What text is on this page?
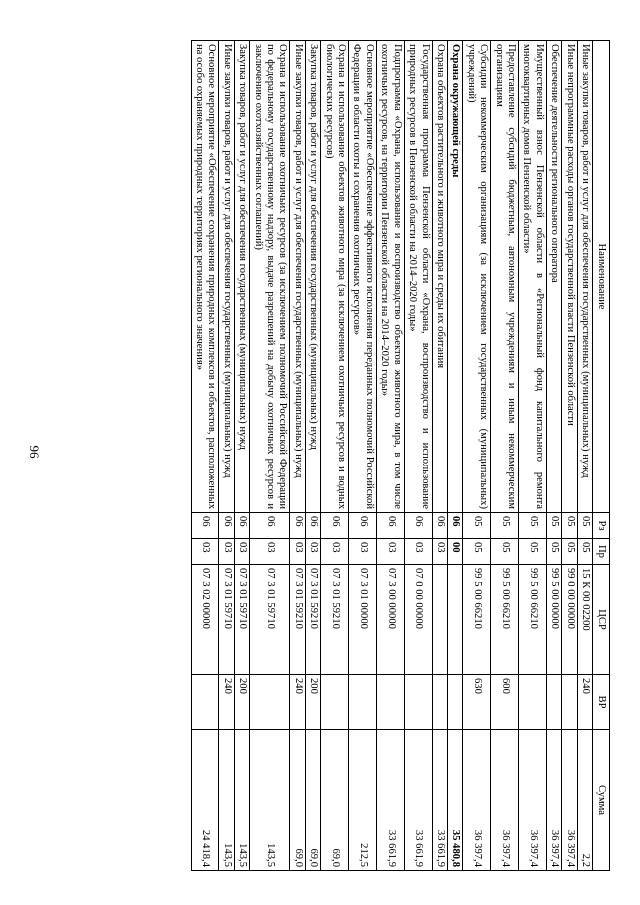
96
Наименование	Рз	Пр	ЦСР	ВР	Сумма
Иные закупки товаров, работ и услуг для обеспечения государственных (муниципальных) нужд	05	05	15 К 00 02200	240	2,2
Иные непрограммные расходы органов государственной власти Пензенской области	05	05	99 0 00 00000		36 397,4
Обеспечение деятельности регионального оператора	05	05	99 5 00 00000		36 397,4
Имущественный взнос Пензенской области в «Региональный фонд капитального ремонта многоквартирных домов Пензенской области»	05	05	99 5 00 66210		36 397,4
Предоставление субсидий бюджетным, автономным учреждениям и иным некоммерческим организациям	05	05	99 5 00 66210	600	36 397,4
Субсидии некоммерческим организациям (за исключением государственных (муниципальных) учреждений)	05	05	99 5 00 66210	630	36 397,4
Охрана окружающей среды	06	00			35 480,8
Охрана объектов растительного и животного мира и среды их обитания	06	03			33 661,9
Государственная программа Пензенской области «Охрана, воспроизводство и использование природных ресурсов в Пензенской области на 2014–2020 годы»	06	03	07 0 00 00000		33 661,9
Подпрограмма «Охрана, использование и воспроизводство объектов животного мира, в том числе охотничьих ресурсов, на территории Пензенской области на 2014–2020 годы»	06	03	07 3 00 00000		33 661,9
Основное мероприятие «Обеспечение эффективного исполнения переданных полномочий Российской Федерации в области охоты и сохранения охотничьих ресурсов»	06	03	07 3 01 00000		212,5
Охрана и использование объектов животного мира (за исключением охотничьих ресурсов и водных биологических ресурсов)	06	03	07 3 01 59210		69,0
Закупка товаров, работ и услуг для обеспечения государственных (муниципальных) нужд	06	03	07 3 01 59210	200	69,0
Иные закупки товаров, работ и услуг для обеспечения государственных (муниципальных) нужд	06	03	07 3 01 59210	240	69,0
Охрана и использование охотничьих ресурсов (за исключением полномочий Российской Федерации по федеральному государственному надзору, выдаче разрешений на добычу охотничьих ресурсов и заключению охотхозяйственных соглашений)	06	03	07 3 01 59710		143,5
Закупка товаров, работ и услуг для обеспечения государственных (муниципальных) нужд	06	03	07 3 01 59710	200	143,5
Иные закупки товаров, работ и услуг для обеспечения государственных (муниципальных) нужд	06	03	07 3 01 59710	240	143,5
Основное мероприятие «Обеспечение сохранения природных комплексов и объектов, расположенных на особо охраняемых природных территориях регионального значения»	06	03	07 3 02 00000		24 418,4
